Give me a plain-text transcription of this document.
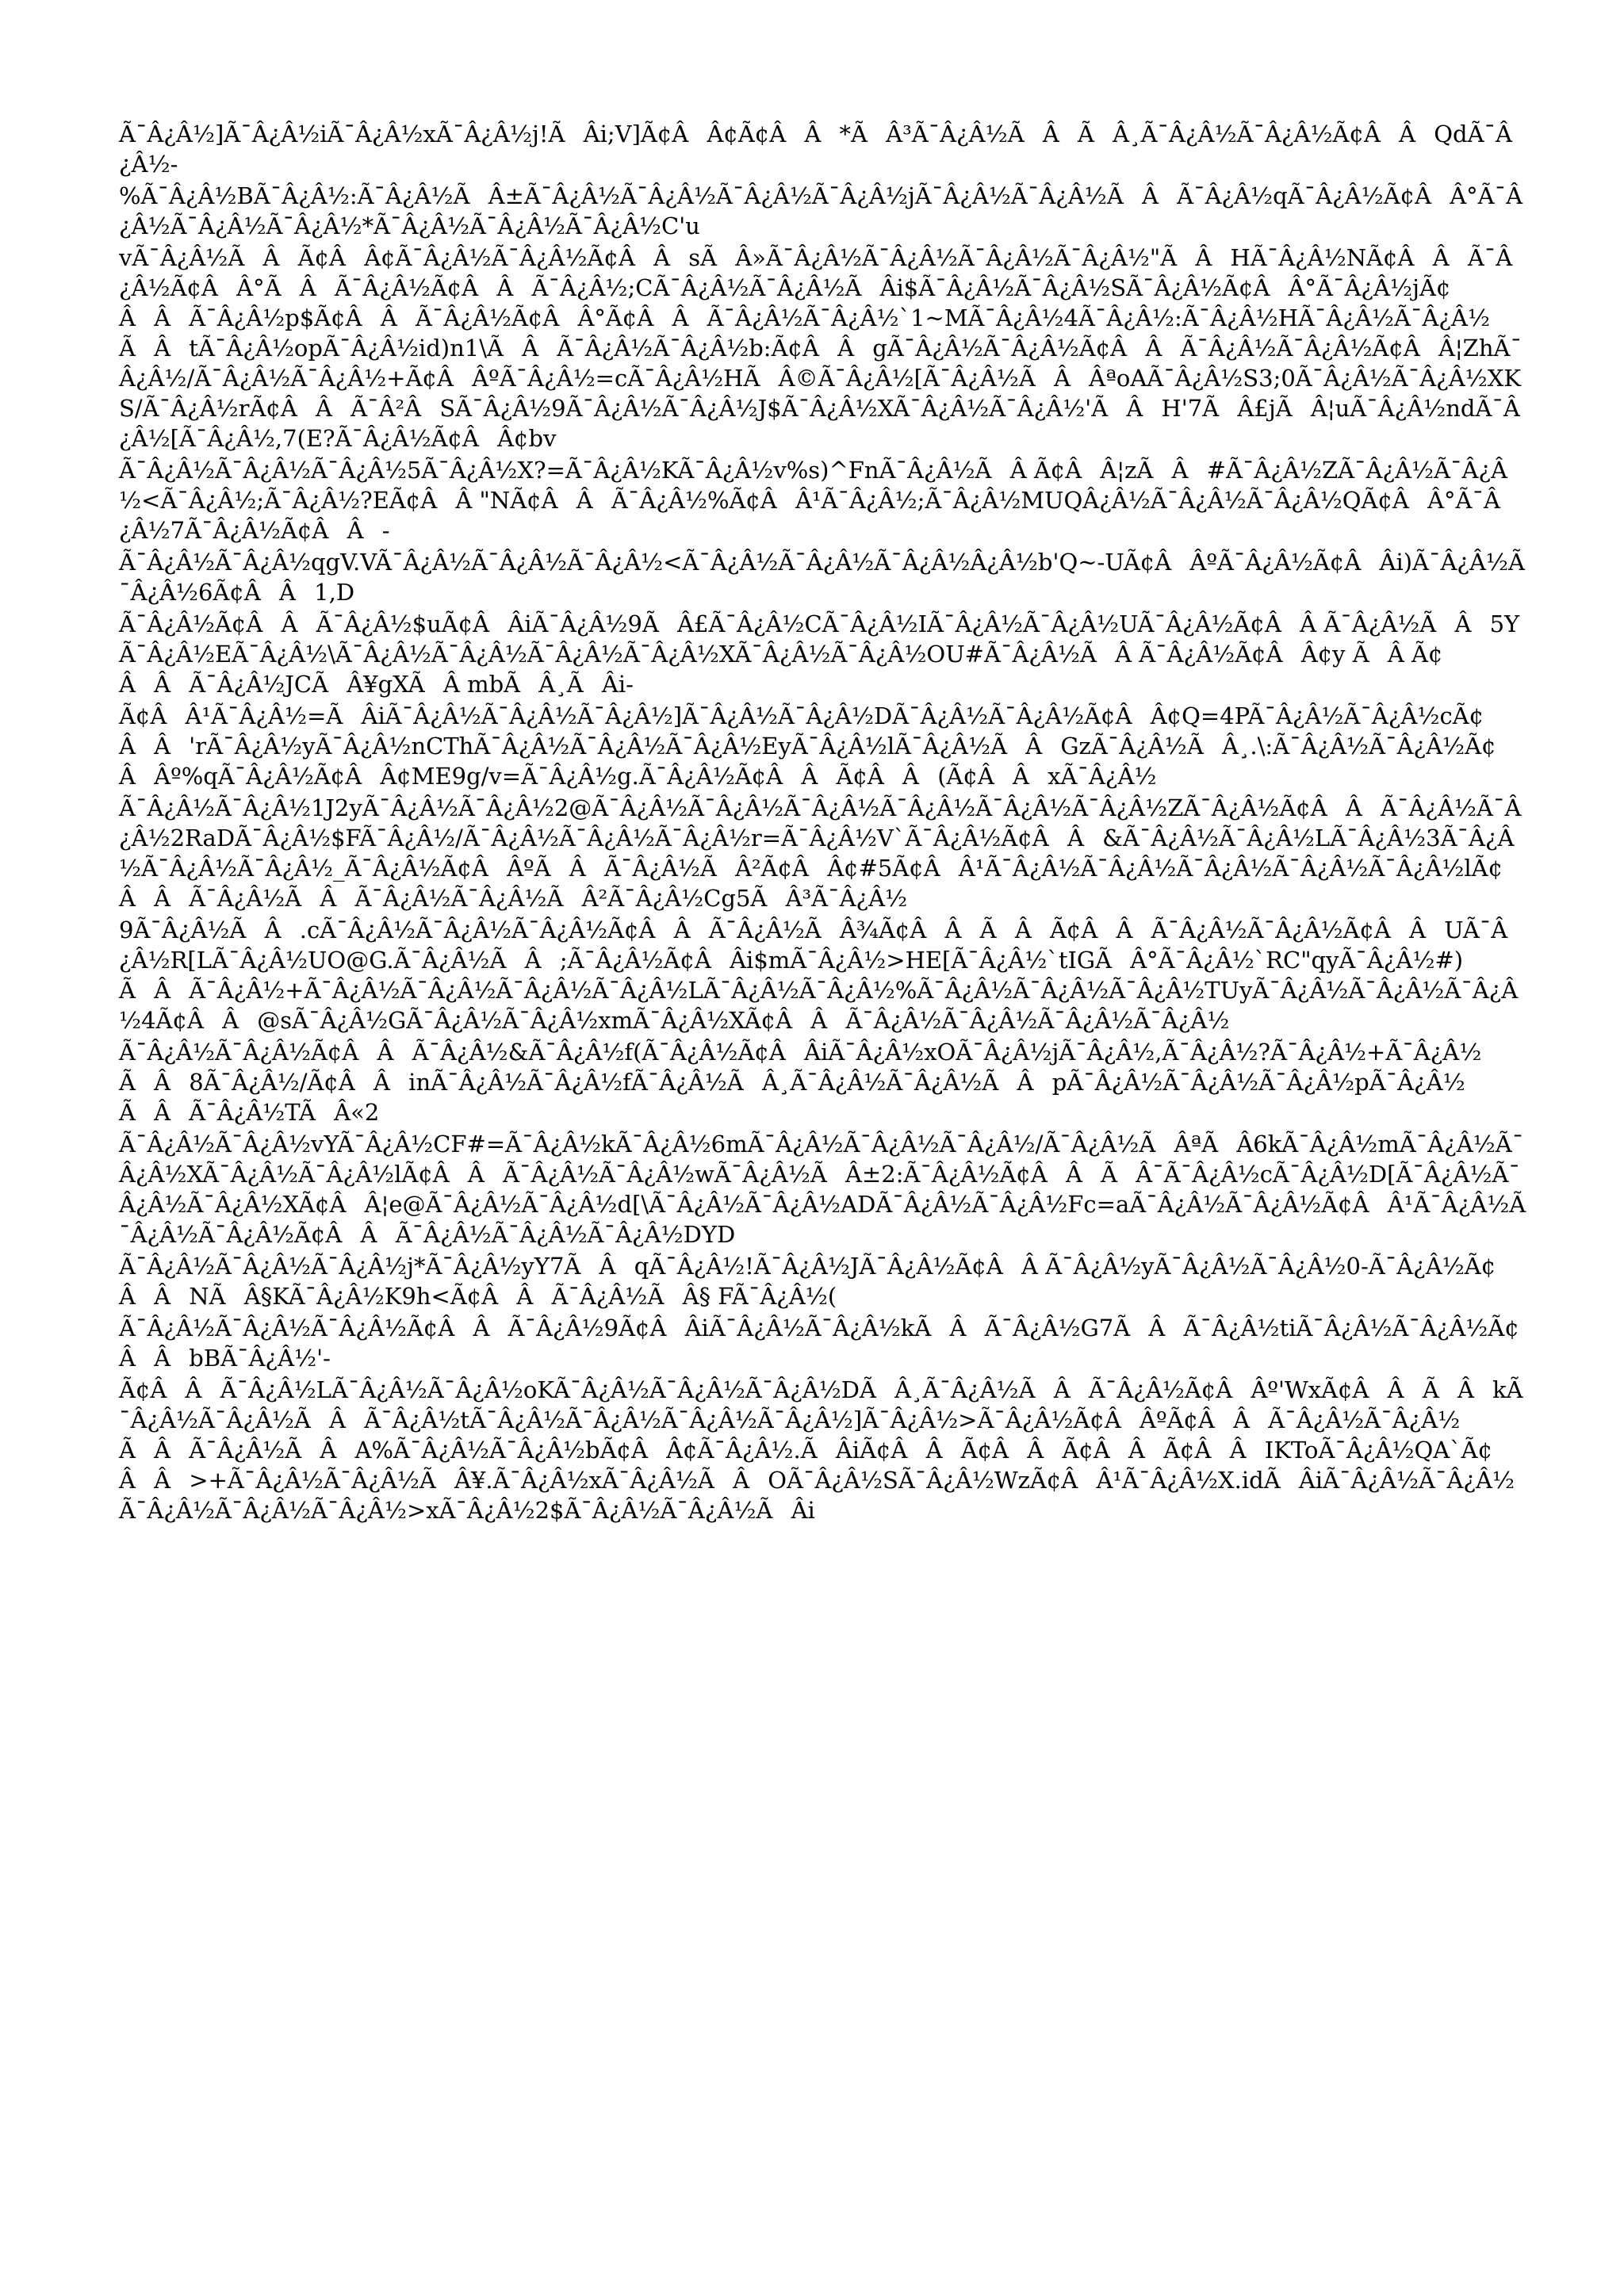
Ã¯Â¿Â½]Ã¯Â¿Â½iÃ¯Â¿Â½xÃ¯Â¿Â½j!ÃÂi;V]Ã¢ÂÂ¢Ã¢ÂÂ*ÃÂ³Ã¯Â¿Â½ÃÂÃÂ¸Ã¯Â¿Â½Ã¯Â¿Â½Ã¢ÂÂQdÃ¯Â¿Â½-

%Ã¯Â¿Â½BÃ¯Â¿Â½:Ã¯Â¿Â½ÃÂ±Ã¯Â¿Â½Ã¯Â¿Â½Ã¯Â¿Â½Ã¯Â¿Â½jÃ¯Â¿Â½Ã¯Â¿Â½ÃÂÃ¯Â¿Â½qÃ¯Â¿Â½Ã¢ÂÂ°Ã¯Â¿Â½Ã¯Â¿Â½Ã¯Â¿Â½*Ã¯Â¿Â½Ã¯Â¿Â½Ã¯Â¿Â½C'u

vÃ¯Â¿Â½ÃÂÃ¢ÂÂ¢Ã¯Â¿Â½Ã¯Â¿Â½Ã¢ÂÂsÃÂ»Ã¯Â¿Â½Ã¯Â¿Â½Ã¯Â¿Â½Ã¯Â¿Â½"ÃÂHÃ¯Â¿Â½NÃ¢ÂÂÃ¯Â¿Â½Ã¢ÂÂ°ÃÂÃ¯Â¿Â½Ã¢ÂÂÃ¯Â¿Â½;CÃ¯Â¿Â½Ã¯Â¿Â½ÃÂi$Ã¯Â¿Â½Ã¯Â¿Â½SÃ¯Â¿Â½Ã¢ÂÂ°Ã¯Â¿Â½jÃ¢ÂÂÃ¯Â¿Â½p$Ã¢ÂÂÃ¯Â¿Â½Ã¢ÂÂ°Ã¢ÂÂÃ¯Â¿Â½Ã¯Â¿Â½`1~MÃ¯Â¿Â½4Ã¯Â¿Â½:Ã¯Â¿Â½HÃ¯Â¿Â½Ã¯Â¿Â½ÃÂtÃ¯Â¿Â½opÃ¯Â¿Â½id)n1\ÃÂÃ¯Â¿Â½Ã¯Â¿Â½b:Ã¢ÂÂgÃ¯Â¿Â½Ã¯Â¿Â½Ã¢ÂÂÃ¯Â¿Â½Ã¯Â¿Â½Ã¢ÂÂ¦ZhÃ¯Â¿Â½/Ã¯Â¿Â½Ã¯Â¿Â½+Ã¢ÂÂºÃ¯Â¿Â½=cÃ¯Â¿Â½HÃÂ©Ã¯Â¿Â½[Ã¯Â¿Â½ÃÂÂªoAÃ¯Â¿Â½S3;0Ã¯Â¿Â½Ã¯Â¿Â½XKS/Ã¯Â¿Â½rÃ¢ÂÂÃ¯Â²ÂSÃ¯Â¿Â½9Ã¯Â¿Â½Ã¯Â¿Â½J$Ã¯Â¿Â½XÃ¯Â¿Â½Ã¯Â¿Â½'ÃÂH'7ÃÂ£jÃÂ¦uÃ¯Â¿Â½ndÃ¯Â¿Â½[Ã¯Â¿Â½,7(E?Ã¯Â¿Â½Ã¢ÂÂ¢bv

Ã¯Â¿Â½Ã¯Â¿Â½Ã¯Â¿Â½5Ã¯Â¿Â½X?=Ã¯Â¿Â½KÃ¯Â¿Â½v%s)^FnÃ¯Â¿Â½ÃÂ Ã¢ÂÂ¦zÃÂ#Ã¯Â¿Â½ZÃ¯Â¿Â½Ã¯Â¿Â½<Ã¯Â¿Â½;Ã¯Â¿Â½?EÃ¢ÂÂ "NÃ¢ÂÂÃ¯Â¿Â½%Ã¢ÂÂ¹Ã¯Â¿Â½;Ã¯Â¿Â½MUQÂ¿Â½Ã¯Â¿Â½Ã¯Â¿Â½QÃ¢ÂÂ°Ã¯Â¿Â½7Ã¯Â¿Â½Ã¢ÂÂ-

Ã¯Â¿Â½Ã¯Â¿Â½qgV.VÃ¯Â¿Â½Ã¯Â¿Â½Ã¯Â¿Â½<Ã¯Â¿Â½Ã¯Â¿Â½Ã¯Â¿Â½Â¿Â½b'Q~-UÃ¢ÂÂºÃ¯Â¿Â½Ã¢ÂÂi)Ã¯Â¿Â½Ã¯Â¿Â½6Ã¢ÂÂ1,D

Ã¯Â¿Â½Ã¢ÂÂÃ¯Â¿Â½$uÃ¢ÂÂiÃ¯Â¿Â½9ÃÂ£Ã¯Â¿Â½CÃ¯Â¿Â½IÃ¯Â¿Â½Ã¯Â¿Â½UÃ¯Â¿Â½Ã¢ÂÂ Ã¯Â¿Â½ÃÂ5YÃ¯Â¿Â½EÃ¯Â¿Â½\Ã¯Â¿Â½Ã¯Â¿Â½Ã¯Â¿Â½Ã¯Â¿Â½XÃ¯Â¿Â½Ã¯Â¿Â½OU#Ã¯Â¿Â½ÃÂ Ã¯Â¿Â½Ã¢ÂÂ¢y ÃÂ Ã¢ÂÂÃ¯Â¿Â½JCÃÂ¥gXÃÂ mbÃÂ¸ÃÂi-

Ã¢ÂÂ¹Ã¯Â¿Â½=ÃÂiÃ¯Â¿Â½Ã¯Â¿Â½Ã¯Â¿Â½]Ã¯Â¿Â½Ã¯Â¿Â½DÃ¯Â¿Â½Ã¯Â¿Â½Ã¢ÂÂ¢Q=4PÃ¯Â¿Â½Ã¯Â¿Â½cÃ¢ÂÂ'rÃ¯Â¿Â½yÃ¯Â¿Â½nCThÃ¯Â¿Â½Ã¯Â¿Â½Ã¯Â¿Â½EyÃ¯Â¿Â½lÃ¯Â¿Â½ÃÂGzÃ¯Â¿Â½ÃÂ¸.\:Ã¯Â¿Â½Ã¯Â¿Â½Ã¢ÂÂº%qÃ¯Â¿Â½Ã¢ÂÂ¢ME9g/v=Ã¯Â¿Â½g.Ã¯Â¿Â½Ã¢ÂÂÃ¢ÂÂ(Ã¢ÂÂxÃ¯Â¿Â½

Ã¯Â¿Â½Ã¯Â¿Â½1J2yÃ¯Â¿Â½Ã¯Â¿Â½2@Ã¯Â¿Â½Ã¯Â¿Â½Ã¯Â¿Â½Ã¯Â¿Â½Ã¯Â¿Â½Ã¯Â¿Â½ZÃ¯Â¿Â½Ã¢ÂÂÃ¯Â¿Â½Ã¯Â¿Â½2RaDÃ¯Â¿Â½$FÃ¯Â¿Â½/Ã¯Â¿Â½Ã¯Â¿Â½Ã¯Â¿Â½r=Ã¯Â¿Â½V`Ã¯Â¿Â½Ã¢ÂÂ&Ã¯Â¿Â½Ã¯Â¿Â½LÃ¯Â¿Â½3Ã¯Â¿Â½Ã¯Â¿Â½Ã¯Â¿Â½_Ã¯Â¿Â½Ã¢ÂÂºÃÂÃ¯Â¿Â½ÃÂ²Ã¢ÂÂ¢#5Ã¢ÂÂ¹Ã¯Â¿Â½Ã¯Â¿Â½Ã¯Â¿Â½Ã¯Â¿Â½Ã¯Â¿Â½lÃ¢ÂÂÃ¯Â¿Â½ÃÂÃ¯Â¿Â½Ã¯Â¿Â½ÃÂ²Ã¯Â¿Â½Cg5ÃÂ³Ã¯Â¿Â½

9Ã¯Â¿Â½ÃÂ.cÃ¯Â¿Â½Ã¯Â¿Â½Ã¯Â¿Â½Ã¢ÂÂÃ¯Â¿Â½ÃÂ¾Ã¢ÂÂÃÂÃ¢ÂÂÃ¯Â¿Â½Ã¯Â¿Â½Ã¢ÂÂUÃ¯Â¿Â½R[LÃ¯Â¿Â½UO@G.Ã¯Â¿Â½ÃÂ;Ã¯Â¿Â½Ã¢ÂÂi$mÃ¯Â¿Â½>HE[Ã¯Â¿Â½`tIGÃÂ°Ã¯Â¿Â½`RC"qyÃ¯Â¿Â½#)ÃÂÃ¯Â¿Â½+Ã¯Â¿Â½Ã¯Â¿Â½Ã¯Â¿Â½Ã¯Â¿Â½LÃ¯Â¿Â½Ã¯Â¿Â½%Ã¯Â¿Â½Ã¯Â¿Â½Ã¯Â¿Â½TUyÃ¯Â¿Â½Ã¯Â¿Â½Ã¯Â¿Â½4Ã¢ÂÂ@sÃ¯Â¿Â½GÃ¯Â¿Â½Ã¯Â¿Â½xmÃ¯Â¿Â½XÃ¢ÂÂÃ¯Â¿Â½Ã¯Â¿Â½Ã¯Â¿Â½Ã¯Â¿Â½

Ã¯Â¿Â½Ã¯Â¿Â½Ã¢ÂÂÃ¯Â¿Â½&Ã¯Â¿Â½f(Ã¯Â¿Â½Ã¢ÂÂiÃ¯Â¿Â½xOÃ¯Â¿Â½jÃ¯Â¿Â½,Ã¯Â¿Â½?Ã¯Â¿Â½+Ã¯Â¿Â½ÃÂ8Ã¯Â¿Â½/Ã¢ÂÂinÃ¯Â¿Â½Ã¯Â¿Â½fÃ¯Â¿Â½ÃÂ¸Ã¯Â¿Â½Ã¯Â¿Â½ÃÂpÃ¯Â¿Â½Ã¯Â¿Â½Ã¯Â¿Â½pÃ¯Â¿Â½ÃÂÃ¯Â¿Â½TÃÂ«2

Ã¯Â¿Â½Ã¯Â¿Â½vYÃ¯Â¿Â½CF#=Ã¯Â¿Â½kÃ¯Â¿Â½6mÃ¯Â¿Â½Ã¯Â¿Â½Ã¯Â¿Â½/Ã¯Â¿Â½ÃÂªÃÂ6kÃ¯Â¿Â½mÃ¯Â¿Â½Ã¯Â¿Â½XÃ¯Â¿Â½Ã¯Â¿Â½lÃ¢ÂÂÃ¯Â¿Â½Ã¯Â¿Â½wÃ¯Â¿Â½ÃÂ±2:Ã¯Â¿Â½Ã¢ÂÂÃÂ¯Ã¯Â¿Â½cÃ¯Â¿Â½D[Ã¯Â¿Â½Ã¯Â¿Â½Ã¯Â¿Â½XÃ¢ÂÂ¦e@Ã¯Â¿Â½Ã¯Â¿Â½d[\Ã¯Â¿Â½Ã¯Â¿Â½ADÃ¯Â¿Â½Ã¯Â¿Â½Fc=aÃ¯Â¿Â½Ã¯Â¿Â½Ã¢ÂÂ¹Ã¯Â¿Â½Ã¯Â¿Â½Ã¯Â¿Â½Ã¢ÂÂÃ¯Â¿Â½Ã¯Â¿Â½Ã¯Â¿Â½DYD

Ã¯Â¿Â½Ã¯Â¿Â½Ã¯Â¿Â½j*Ã¯Â¿Â½yY7ÃÂqÃ¯Â¿Â½!Ã¯Â¿Â½JÃ¯Â¿Â½Ã¢ÂÂ Ã¯Â¿Â½yÃ¯Â¿Â½Ã¯Â¿Â½0-Ã¯Â¿Â½Ã¢ÂÂNÃÂ§KÃ¯Â¿Â½K9h<Ã¢ÂÂÃ¯Â¿Â½ÃÂ§ FÃ¯Â¿Â½(

Ã¯Â¿Â½Ã¯Â¿Â½Ã¯Â¿Â½Ã¢ÂÂÃ¯Â¿Â½9Ã¢ÂÂiÃ¯Â¿Â½Ã¯Â¿Â½kÃÂÃ¯Â¿Â½G7ÃÂÃ¯Â¿Â½tiÃ¯Â¿Â½Ã¯Â¿Â½Ã¢ÂÂbBÃ¯Â¿Â½'-

Ã¢ÂÂÃ¯Â¿Â½LÃ¯Â¿Â½Ã¯Â¿Â½oKÃ¯Â¿Â½Ã¯Â¿Â½Ã¯Â¿Â½DÃÂ¸Ã¯Â¿Â½ÃÂÃ¯Â¿Â½Ã¢ÂÂº'WxÃ¢ÂÂÃÂkÃ¯Â¿Â½Ã¯Â¿Â½ÃÂÃ¯Â¿Â½tÃ¯Â¿Â½Ã¯Â¿Â½Ã¯Â¿Â½Ã¯Â¿Â½]Ã¯Â¿Â½>Ã¯Â¿Â½Ã¢ÂÂºÃ¢ÂÂÃ¯Â¿Â½Ã¯Â¿Â½ÃÂÃ¯Â¿Â½ÃÂA%Ã¯Â¿Â½Ã¯Â¿Â½bÃ¢ÂÂ¢Ã¯Â¿Â½.ÃÂiÃ¢ÂÂÃ¢ÂÂÃ¢ÂÂÃ¢ÂÂIKToÃ¯Â¿Â½QA`Ã¢ÂÂ>+Ã¯Â¿Â½Ã¯Â¿Â½ÃÂ¥.Ã¯Â¿Â½xÃ¯Â¿Â½ÃÂOÃ¯Â¿Â½SÃ¯Â¿Â½WzÃ¢ÂÂ¹Ã¯Â¿Â½X.idÃÂiÃ¯Â¿Â½Ã¯Â¿Â½Ã¯Â¿Â½Ã¯Â¿Â½Ã¯Â¿Â½>xÃ¯Â¿Â½2$Ã¯Â¿Â½Ã¯Â¿Â½ÃÂi
